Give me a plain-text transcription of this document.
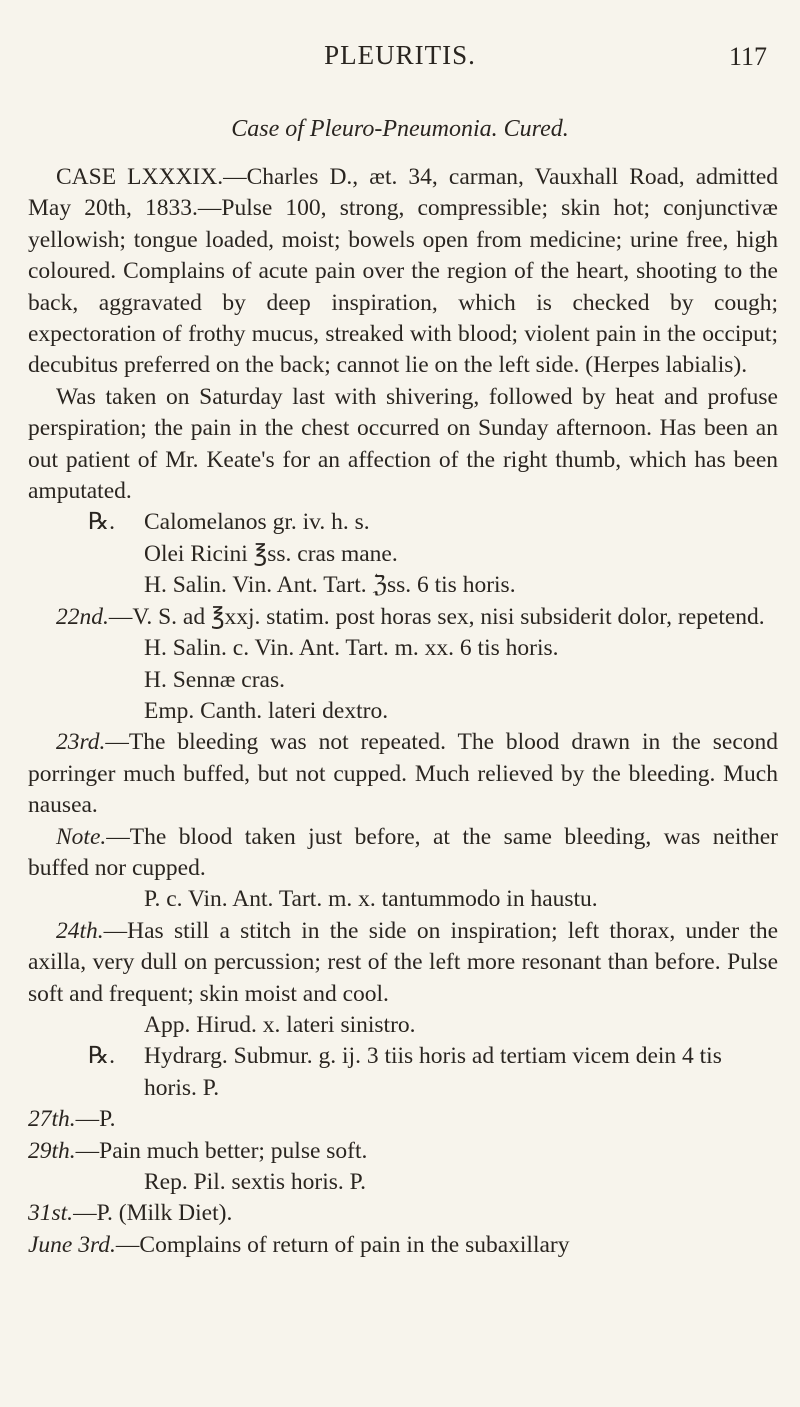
PLEURITIS.	117
Case of Pleuro-Pneumonia. Cured.

CASE LXXXIX.—Charles D., æt. 34, carman, Vauxhall Road, admitted May 20th, 1833.—Pulse 100, strong, compressible; skin hot; conjunctivæ yellowish; tongue loaded, moist; bowels open from medicine; urine free, high coloured. Complains of acute pain over the region of the heart, shooting to the back, aggravated by deep inspiration, which is checked by cough; expectoration of frothy mucus, streaked with blood; violent pain in the occiput; decubitus preferred on the back; cannot lie on the left side. (Herpes labialis).

Was taken on Saturday last with shivering, followed by heat and profuse perspiration; the pain in the chest occurred on Sunday afternoon. Has been an out patient of Mr. Keate's for an affection of the right thumb, which has been amputated.

℞.	Calomelanos gr. iv. h. s.

Olei Ricini ℥ss. cras mane.

H. Salin. Vin. Ant. Tart. ℨss. 6 tis horis.

22nd.—V. S. ad ℥xxj. statim. post horas sex, nisi subsiderit dolor, repetend.

H. Salin. c. Vin. Ant. Tart. m. xx. 6 tis horis.

H. Sennæ cras.

Emp. Canth. lateri dextro.

23rd.—The bleeding was not repeated. The blood drawn in the second porringer much buffed, but not cupped. Much relieved by the bleeding. Much nausea.

Note.—The blood taken just before, at the same bleeding, was neither buffed nor cupped.

P. c. Vin. Ant. Tart. m. x. tantummodo in haustu.

24th.—Has still a stitch in the side on inspiration; left thorax, under the axilla, very dull on percussion; rest of the left more resonant than before. Pulse soft and frequent; skin moist and cool.

App. Hirud. x. lateri sinistro.

℞.	Hydrarg. Submur. g. ij. 3 tiis horis ad tertiam vicem dein 4 tis horis. P.

27th.—P.

29th.—Pain much better; pulse soft.

Rep. Pil. sextis horis. P.

31st.—P. (Milk Diet).

June 3rd.—Complains of return of pain in the subaxillary
